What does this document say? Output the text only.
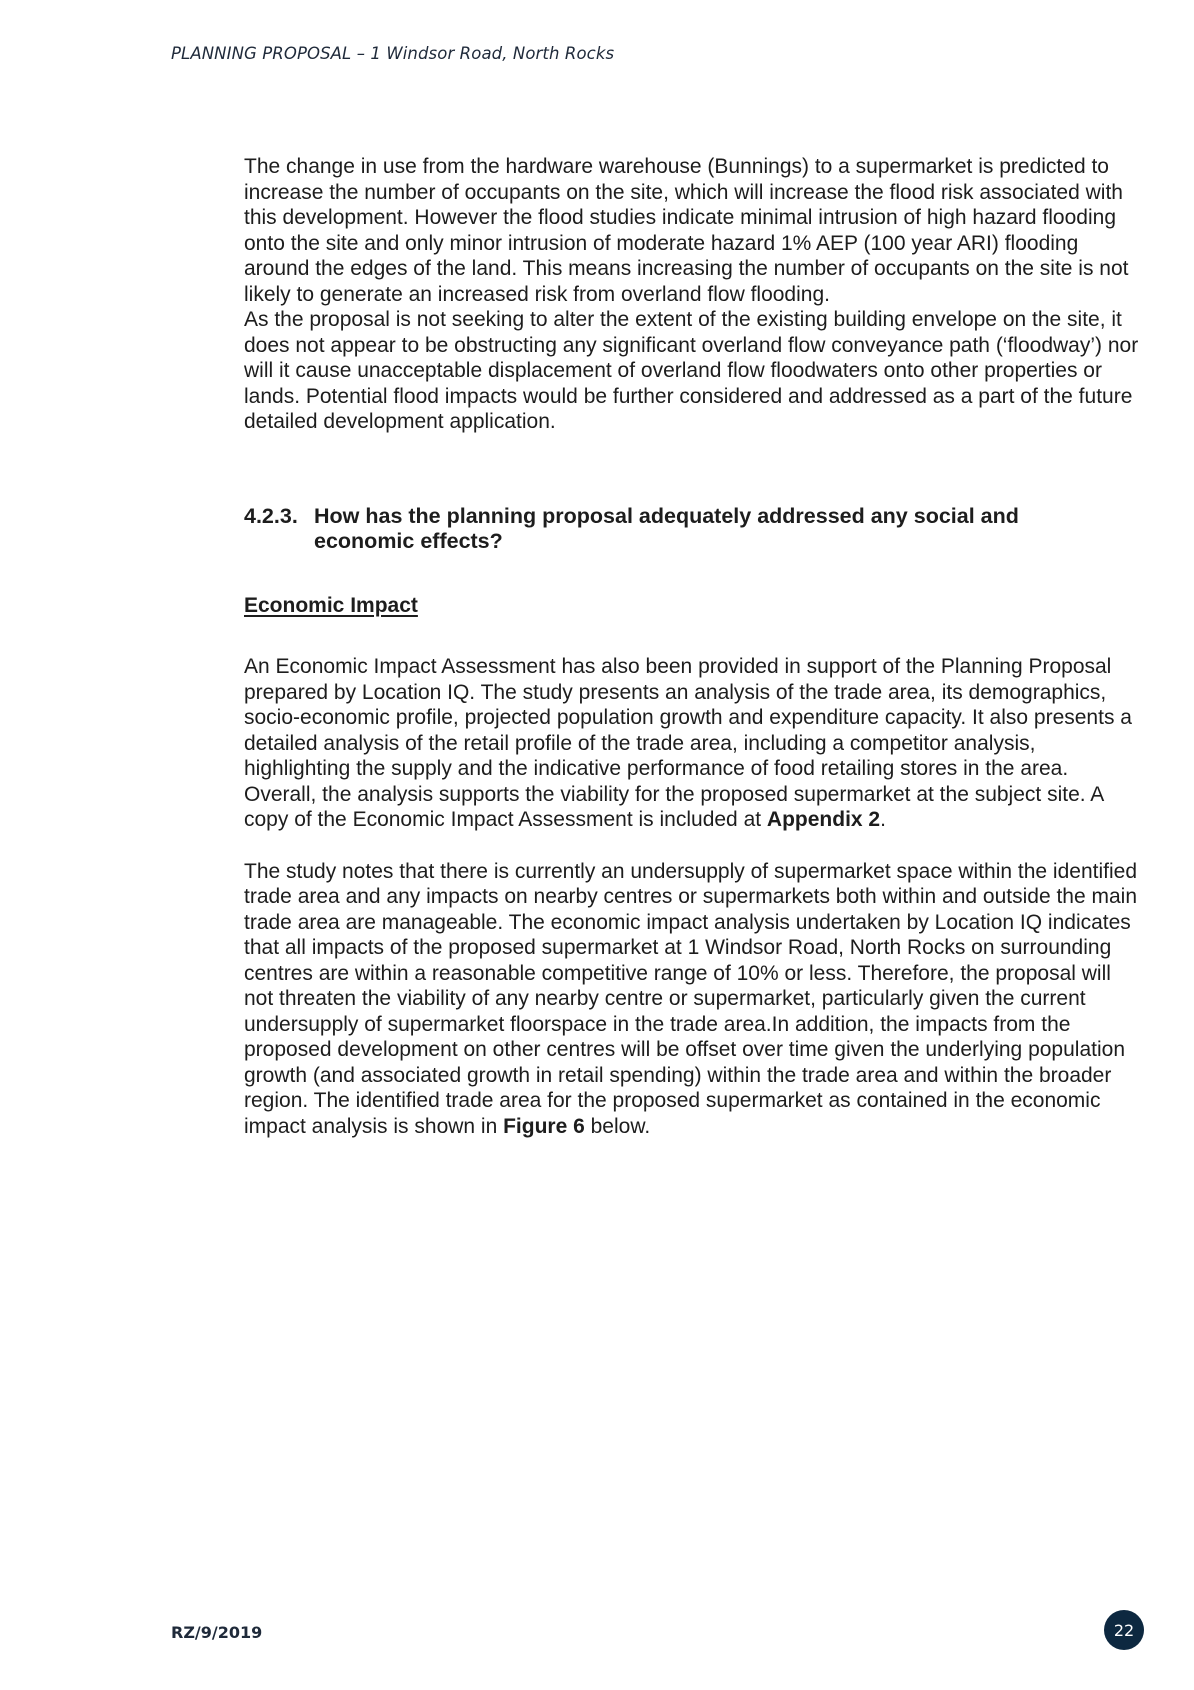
PLANNING PROPOSAL – 1 Windsor Road, North Rocks

The change in use from the hardware warehouse (Bunnings) to a supermarket is predicted to increase the number of occupants on the site, which will increase the flood risk associated with this development. However the flood studies indicate minimal intrusion of high hazard flooding onto the site and only minor intrusion of moderate hazard 1% AEP (100 year ARI) flooding around the edges of the land. This means increasing the number of occupants on the site is not likely to generate an increased risk from overland flow flooding.

As the proposal is not seeking to alter the extent of the existing building envelope on the site, it does not appear to be obstructing any significant overland flow conveyance path (‘floodway’) nor will it cause unacceptable displacement of overland flow floodwaters onto other properties or lands. Potential flood impacts would be further considered and addressed as a part of the future detailed development application.

4.2.3. How has the planning proposal adequately addressed any social and economic effects?

Economic Impact

An Economic Impact Assessment has also been provided in support of the Planning Proposal prepared by Location IQ. The study presents an analysis of the trade area, its demographics, socio-economic profile, projected population growth and expenditure capacity. It also presents a detailed analysis of the retail profile of the trade area, including a competitor analysis, highlighting the supply and the indicative performance of food retailing stores in the area. Overall, the analysis supports the viability for the proposed supermarket at the subject site. A copy of the Economic Impact Assessment is included at Appendix 2.

The study notes that there is currently an undersupply of supermarket space within the identified trade area and any impacts on nearby centres or supermarkets both within and outside the main trade area are manageable. The economic impact analysis undertaken by Location IQ indicates that all impacts of the proposed supermarket at 1 Windsor Road, North Rocks on surrounding centres are within a reasonable competitive range of 10% or less. Therefore, the proposal will not threaten the viability of any nearby centre or supermarket, particularly given the current undersupply of supermarket floorspace in the trade area.In addition, the impacts from the proposed development on other centres will be offset over time given the underlying population growth (and associated growth in retail spending) within the trade area and within the broader region. The identified trade area for the proposed supermarket as contained in the economic impact analysis is shown in Figure 6 below.

RZ/9/2019	22
